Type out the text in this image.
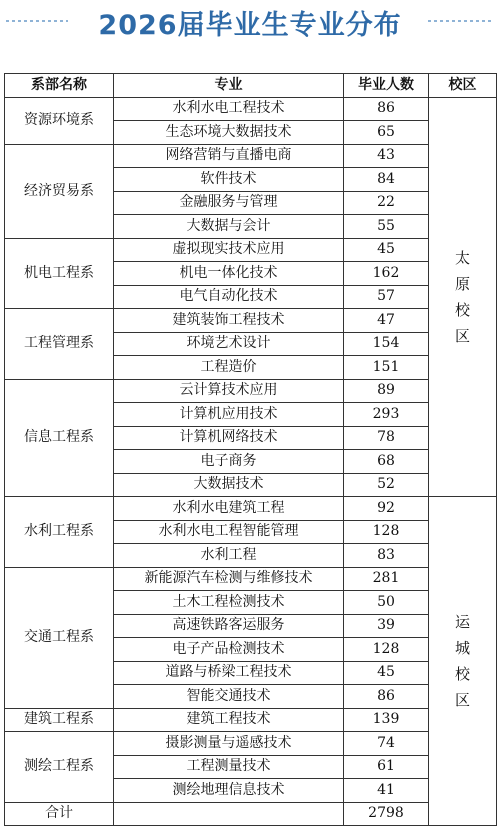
2026届毕业生专业分布
系部名称	专业	毕业人数	校区	
资源环境系	水利水电工程技术	86	太原校区	

	生态环境大数据技术	65		
经济贸易系	网络营销与直播电商	43		
	软件技术	84		
	金融服务与管理	22		
	大数据与会计	55		
机电工程系	虚拟现实技术应用	45		
	机电一体化技术	162		
	电气自动化技术	57		
工程管理系	建筑装饰工程技术	47		
	环境艺术设计	154		
	工程造价	151		
信息工程系	云计算技术应用	89		
	计算机应用技术	293		
	计算机网络技术	78		
	电子商务	68		
	大数据技术	52		
水利工程系	水利水电建筑工程	92	运城校区	

	水利水电工程智能管理	128		
	水利工程	83		
交通工程系	新能源汽车检测与维修技术	281		
	土木工程检测技术	50		
	高速铁路客运服务	39		
	电子产品检测技术	128		
	道路与桥梁工程技术	45		
	智能交通技术	86		
建筑工程系	建筑工程技术	139		
测绘工程系	摄影测量与遥感技术	74		
	工程测量技术	61		
	测绘地理信息技术	41		
合计		2798		
